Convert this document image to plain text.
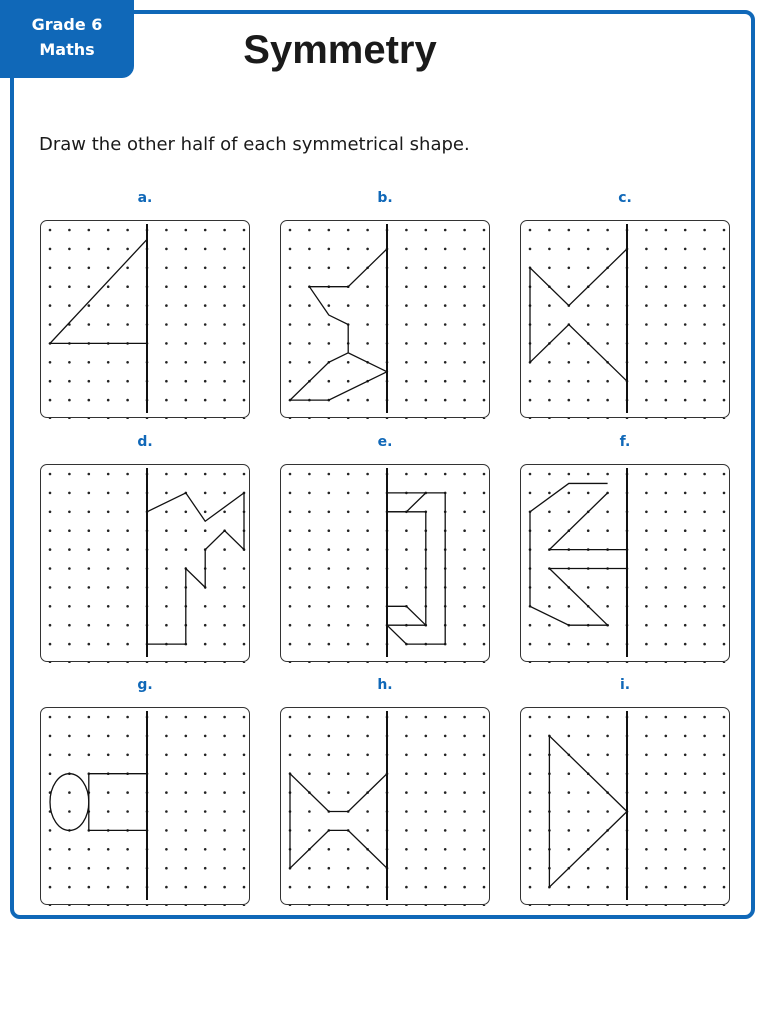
Grade 6
Maths	Symmetry
Draw the other half of each symmetrical shape.
a.	b.	c.
d.	e.	f.
g.	h.	i.
